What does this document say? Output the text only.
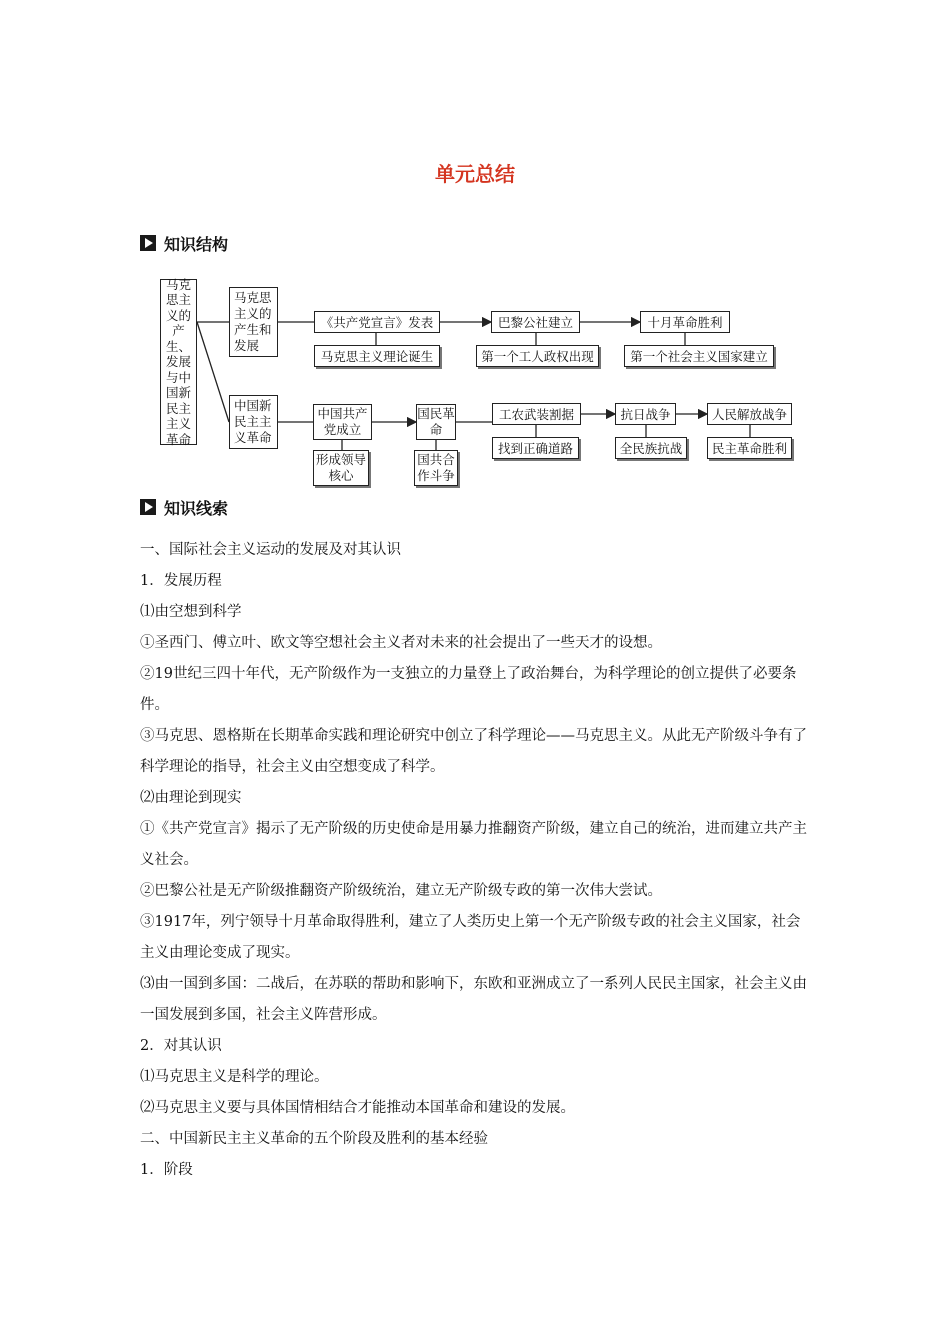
单元总结
知识结构
马克思主义的产生、发展与中国新民主主义革命
马克思主义的产生和发展
中国新民主主义革命
《共产党宣言》发表	巴黎公社建立	十月革命胜利
马克思主义理论诞生	第一个工人政权出现	第一个社会主义国家建立
中国共产党成立
国民革命
工农武装割据	抗日战争	人民解放战争
形成领导核心
国共合作斗争
找到正确道路	全民族抗战 民主革命胜利
知识线索

一、国际社会主义运动的发展及对其认识

1．发展历程

⑴由空想到科学

①圣西门、傅立叶、欧文等空想社会主义者对未来的社会提出了一些天才的设想。

②19世纪三四十年代，无产阶级作为一支独立的力量登上了政治舞台，为科学理论的创立提供了必要条件。

③马克思、恩格斯在长期革命实践和理论研究中创立了科学理论——马克思主义。从此无产阶级斗争有了科学理论的指导，社会主义由空想变成了科学。

⑵由理论到现实

①《共产党宣言》揭示了无产阶级的历史使命是用暴力推翻资产阶级，建立自己的统治，进而建立共产主义社会。

②巴黎公社是无产阶级推翻资产阶级统治，建立无产阶级专政的第一次伟大尝试。

③1917年，列宁领导十月革命取得胜利，建立了人类历史上第一个无产阶级专政的社会主义国家，社会主义由理论变成了现实。

⑶由一国到多国：二战后，在苏联的帮助和影响下，东欧和亚洲成立了一系列人民民主国家，社会主义由一国发展到多国，社会主义阵营形成。

2．对其认识

⑴马克思主义是科学的理论。

⑵马克思主义要与具体国情相结合才能推动本国革命和建设的发展。

二、中国新民主主义革命的五个阶段及胜利的基本经验

1．阶段
